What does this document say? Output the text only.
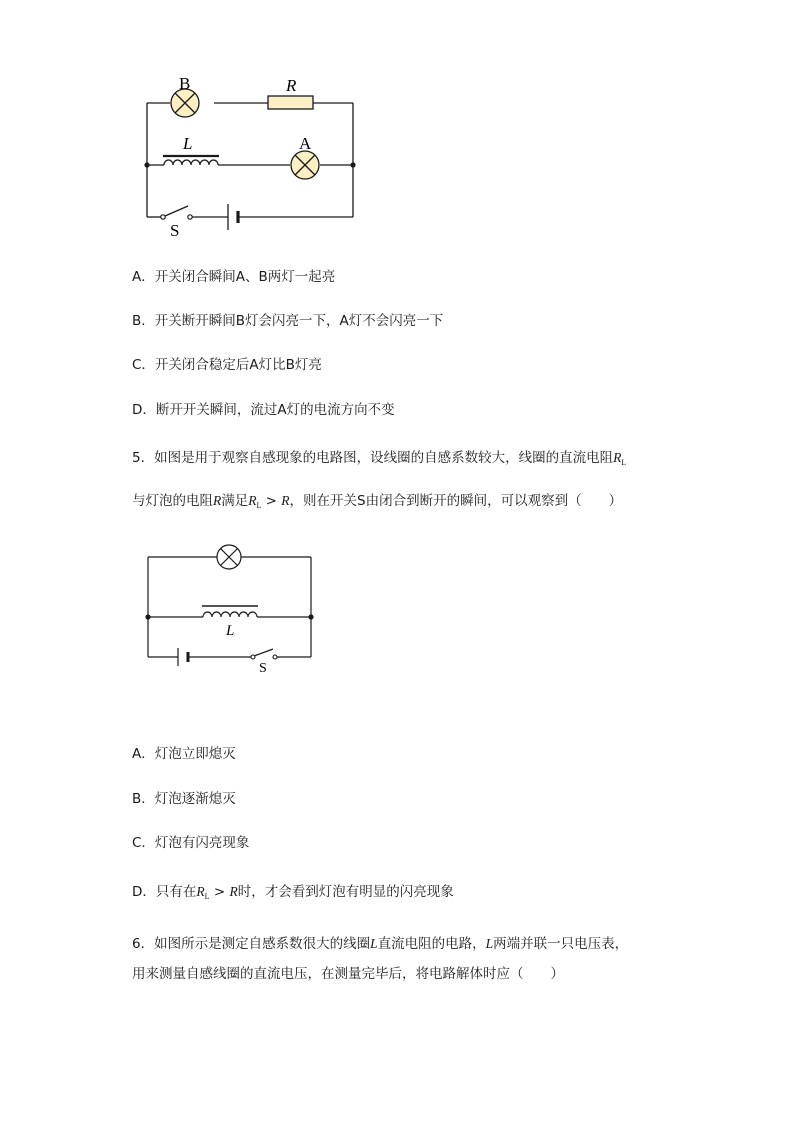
B	R
L	A
S
A．开关闭合瞬间A、B两灯一起亮
B．开关断开瞬间B灯会闪亮一下，A灯不会闪亮一下
C．开关闭合稳定后A灯比B灯亮
D．断开开关瞬间，流过A灯的电流方向不变
5．如图是用于观察自感现象的电路图，设线圈的自感系数较大，线圈的直流电阻$R_L$
与灯泡的电阻R满足$R_L > R$，则在开关S由闭合到断开的瞬间，可以观察到（　　）
L
S
A．灯泡立即熄灭
B．灯泡逐渐熄灭
C．灯泡有闪亮现象
D．只有在$R_L > R$时，才会看到灯泡有明显的闪亮现象
6．如图所示是测定自感系数很大的线圈L直流电阻的电路，L两端并联一只电压表，
用来测量自感线圈的直流电压，在测量完毕后，将电路解体时应（　　）
